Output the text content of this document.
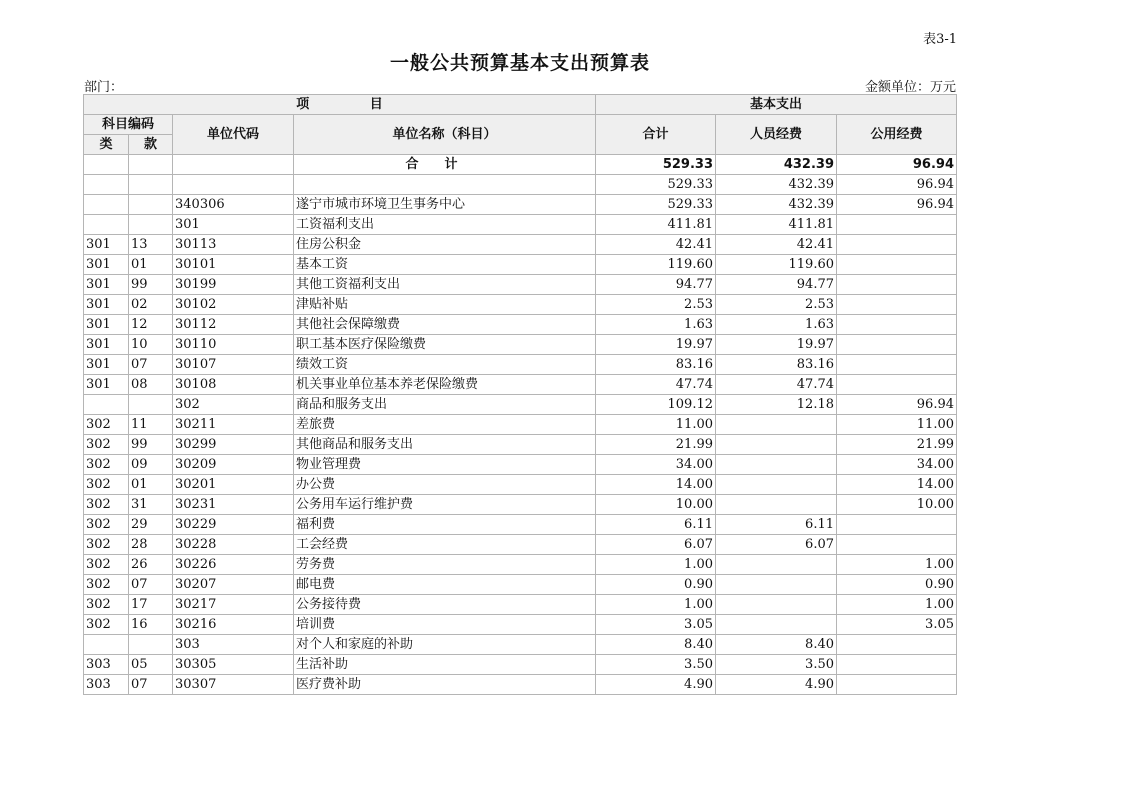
表3-1
一般公共预算基本支出预算表
部门：	金额单位：万元
项 目				基本支出		
科目编码		单位代码	单位名称（科目）	合计	人员经费	公用经费
类	款					
			合计	529.33	432.39	96.94
				529.33	432.39	96.94
		340306	遂宁市城市环境卫生事务中心	529.33	432.39	96.94
		301	工资福利支出	411.81	411.81	
301	13	30113	住房公积金	42.41	42.41	
301	01	30101	基本工资	119.60	119.60	
301	99	30199	其他工资福利支出	94.77	94.77	
301	02	30102	津贴补贴	2.53	2.53	
301	12	30112	其他社会保障缴费	1.63	1.63	
301	10	30110	职工基本医疗保险缴费	19.97	19.97	
301	07	30107	绩效工资	83.16	83.16	
301	08	30108	机关事业单位基本养老保险缴费	47.74	47.74	
		302	商品和服务支出	109.12	12.18	96.94
302	11	30211	差旅费	11.00		11.00
302	99	30299	其他商品和服务支出	21.99		21.99
302	09	30209	物业管理费	34.00		34.00
302	01	30201	办公费	14.00		14.00
302	31	30231	公务用车运行维护费	10.00		10.00
302	29	30229	福利费	6.11	6.11	
302	28	30228	工会经费	6.07	6.07	
302	26	30226	劳务费	1.00		1.00
302	07	30207	邮电费	0.90		0.90
302	17	30217	公务接待费	1.00		1.00
302	16	30216	培训费	3.05		3.05
		303	对个人和家庭的补助	8.40	8.40	
303	05	30305	生活补助	3.50	3.50	
303	07	30307	医疗费补助	4.90	4.90	
